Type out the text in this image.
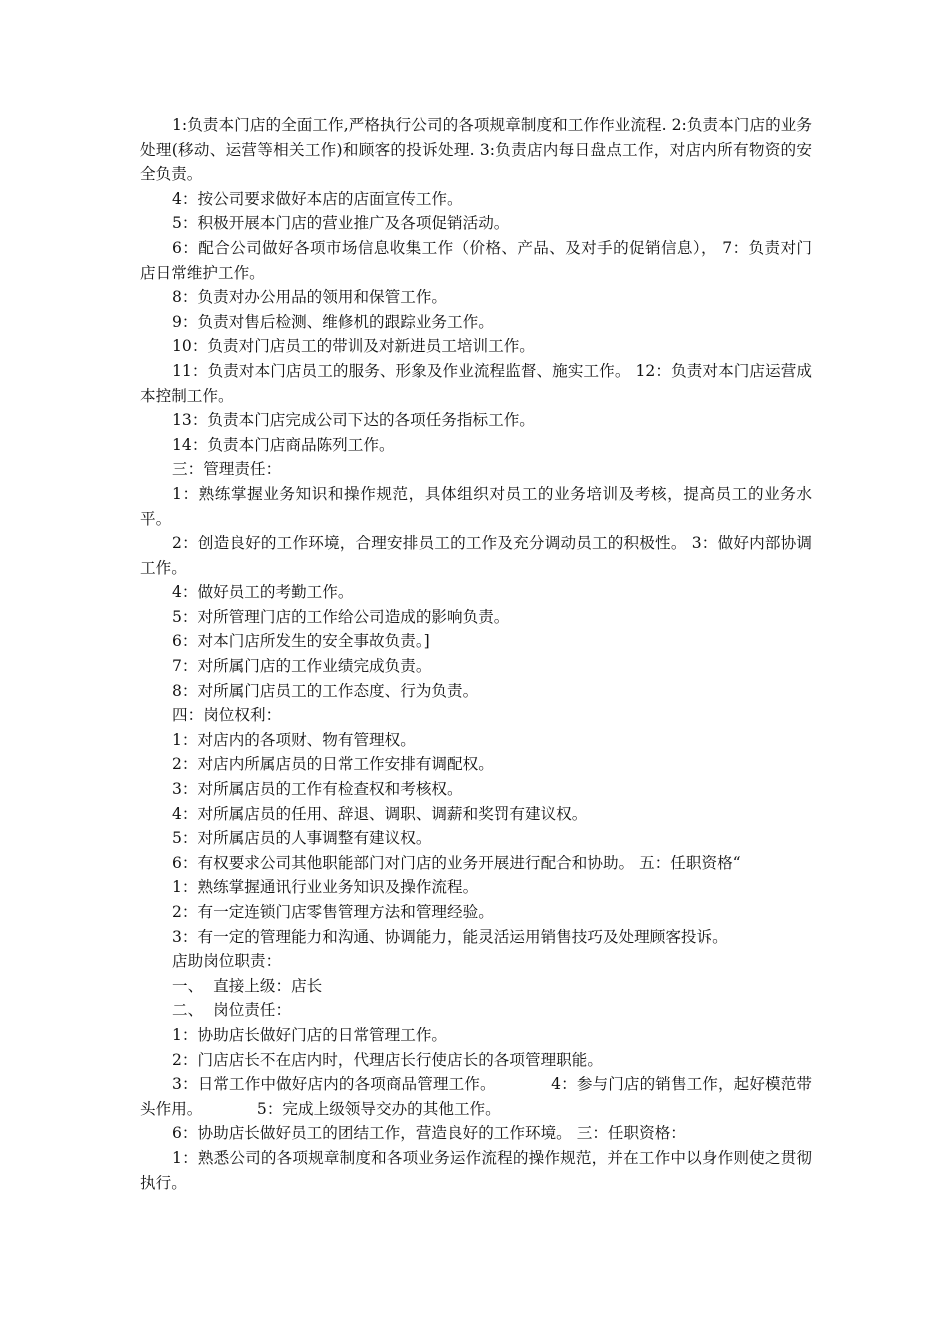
1:负责本门店的全面工作,严格执行公司的各项规章制度和工作作业流程. 2:负责本门店的业务处理(移动、运营等相关工作)和顾客的投诉处理. 3:负责店内每日盘点工作，对店内所有物资的安全负责。

4：按公司要求做好本店的店面宣传工作。

5：积极开展本门店的营业推广及各项促销活动。

6：配合公司做好各项市场信息收集工作（价格、产品、及对手的促销信息）， 7：负责对门店日常维护工作。

8：负责对办公用品的领用和保管工作。

9：负责对售后检测、维修机的跟踪业务工作。

10：负责对门店员工的带训及对新进员工培训工作。

11：负责对本门店员工的服务、形象及作业流程监督、施实工作。 12：负责对本门店运营成本控制工作。

13：负责本门店完成公司下达的各项任务指标工作。

14：负责本门店商品陈列工作。

三：管理责任：

1：熟练掌握业务知识和操作规范，具体组织对员工的业务培训及考核，提高员工的业务水平。

2：创造良好的工作环境，合理安排员工的工作及充分调动员工的积极性。 3：做好内部协调工作。

4：做好员工的考勤工作。

5：对所管理门店的工作给公司造成的影响负责。

6：对本门店所发生的安全事故负责。]

7：对所属门店的工作业绩完成负责。

8：对所属门店员工的工作态度、行为负责。

四：岗位权利：

1：对店内的各项财、物有管理权。

2：对店内所属店员的日常工作安排有调配权。

3：对所属店员的工作有检查权和考核权。

4：对所属店员的任用、辞退、调职、调薪和奖罚有建议权。

5：对所属店员的人事调整有建议权。

6：有权要求公司其他职能部门对门店的业务开展进行配合和协助。 五：任职资格“

1：熟练掌握通讯行业业务知识及操作流程。

2：有一定连锁门店零售管理方法和管理经验。

3：有一定的管理能力和沟通、协调能力，能灵活运用销售技巧及处理顾客投诉。

店助岗位职责：

一、  直接上级：店长

二、  岗位责任：

1：协助店长做好门店的日常管理工作。

2：门店店长不在店内时，代理店长行使店长的各项管理职能。

3：日常工作中做好店内的各项商品管理工作。           4：参与门店的销售工作，起好模范带头作用。           5：完成上级领导交办的其他工作。

6：协助店长做好员工的团结工作，营造良好的工作环境。 三：任职资格：

1：熟悉公司的各项规章制度和各项业务运作流程的操作规范，并在工作中以身作则使之贯彻执行。
